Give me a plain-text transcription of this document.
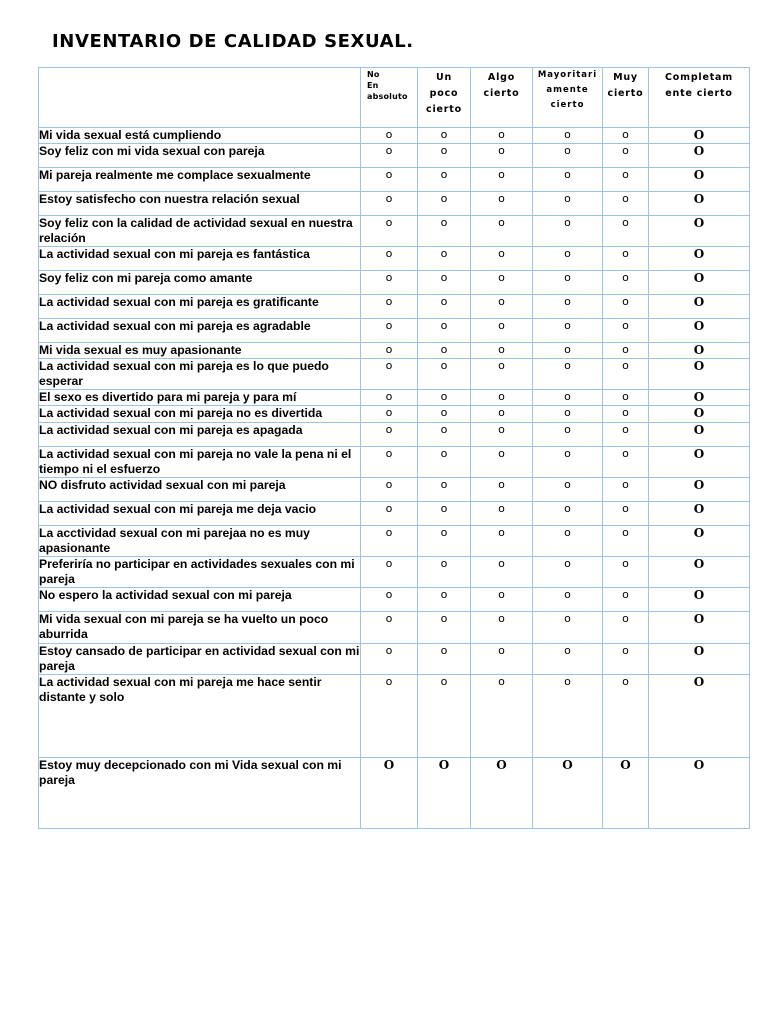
INVENTARIO DE CALIDAD SEXUAL.

	No
En
absoluto	Un
poco
cierto	Algo
cierto	Mayoritari
amente
cierto	Muy
cierto	Completam
ente cierto

Mi vida sexual está cumpliendo	o	o	o	o	o	O
Soy feliz con mi vida sexual con pareja	o	o	o	o	o	O
Mi pareja realmente me complace sexualmente	o	o	o	o	o	O
Estoy satisfecho con nuestra relación sexual	o	o	o	o	o	O
Soy feliz con la calidad de actividad sexual en nuestra relación	o	o	o	o	o	O
La actividad sexual con mi pareja es fantástica	o	o	o	o	o	O
Soy feliz con mi pareja como amante	o	o	o	o	o	O
La actividad sexual con mi pareja es gratificante	o	o	o	o	o	O
La actividad sexual con mi pareja es agradable	o	o	o	o	o	O
Mi vida sexual es muy apasionante	o	o	o	o	o	O
La actividad sexual con mi pareja es lo que puedo esperar	o	o	o	o	o	O
El sexo es divertido para mi pareja y para mí	o	o	o	o	o	O
La actividad sexual con mi pareja no es divertida	o	o	o	o	o	O
La actividad sexual con mi pareja es apagada	o	o	o	o	o	O
La actividad sexual con mi pareja no vale la pena ni el tiempo ni el esfuerzo	o	o	o	o	o	O
NO disfruto actividad sexual con mi pareja	o	o	o	o	o	O
La actividad sexual con mi pareja me deja vacio	o	o	o	o	o	O
La acctividad sexual con mi parejaa no es muy apasionante	o	o	o	o	o	O
Preferiría no participar en actividades sexuales con mi pareja	o	o	o	o	o	O
No espero la actividad sexual con mi pareja	o	o	o	o	o	O
Mi vida sexual con mi pareja se ha vuelto un poco aburrida	o	o	o	o	o	O
Estoy cansado de participar en actividad sexual con mi pareja	o	o	o	o	o	O
La actividad sexual con mi pareja me hace sentir distante y solo	o	o	o	o	o	O
Estoy muy decepcionado con mi Vida sexual con mi pareja	O	O	O	O	O	O
